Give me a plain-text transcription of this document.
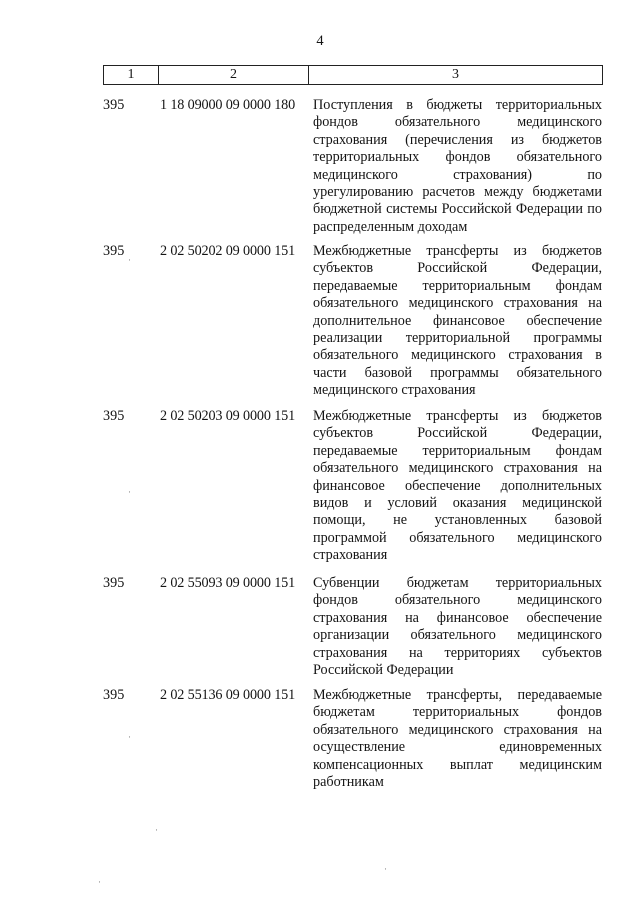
4
1	2	3
395	1 18 09000 09 0000 180	Поступления в бюджеты территориальных фондов обязательного медицинского страхования (перечисления из бюджетов территориальных фондов обязательного медицинского страхования) по урегулированию расчетов между бюджетами бюджетной системы Российской Федерации по распределенным доходам
395	2 02 50202 09 0000 151	Межбюджетные трансферты из бюджетов субъектов Российской Федерации, передаваемые территориальным фондам обязательного медицинского страхования на дополнительное финансовое обеспечение реализации территориальной программы обязательного медицинского страхования в части базовой программы обязательного медицинского страхования
395	2 02 50203 09 0000 151	Межбюджетные трансферты из бюджетов субъектов Российской Федерации, передаваемые территориальным фондам обязательного медицинского страхования на финансовое обеспечение дополнительных видов и условий оказания медицинской помощи, не установленных базовой программой обязательного медицинского страхования
395	2 02 55093 09 0000 151	Субвенции бюджетам территориальных фондов обязательного медицинского страхования на финансовое обеспечение организации обязательного медицинского страхования на территориях субъектов Российской Федерации
395	2 02 55136 09 0000 151	Межбюджетные трансферты, передаваемые бюджетам территориальных фондов обязательного медицинского страхования на осуществление единовременных компенсационных выплат медицинским работникам
·
·
·
·
·
·
